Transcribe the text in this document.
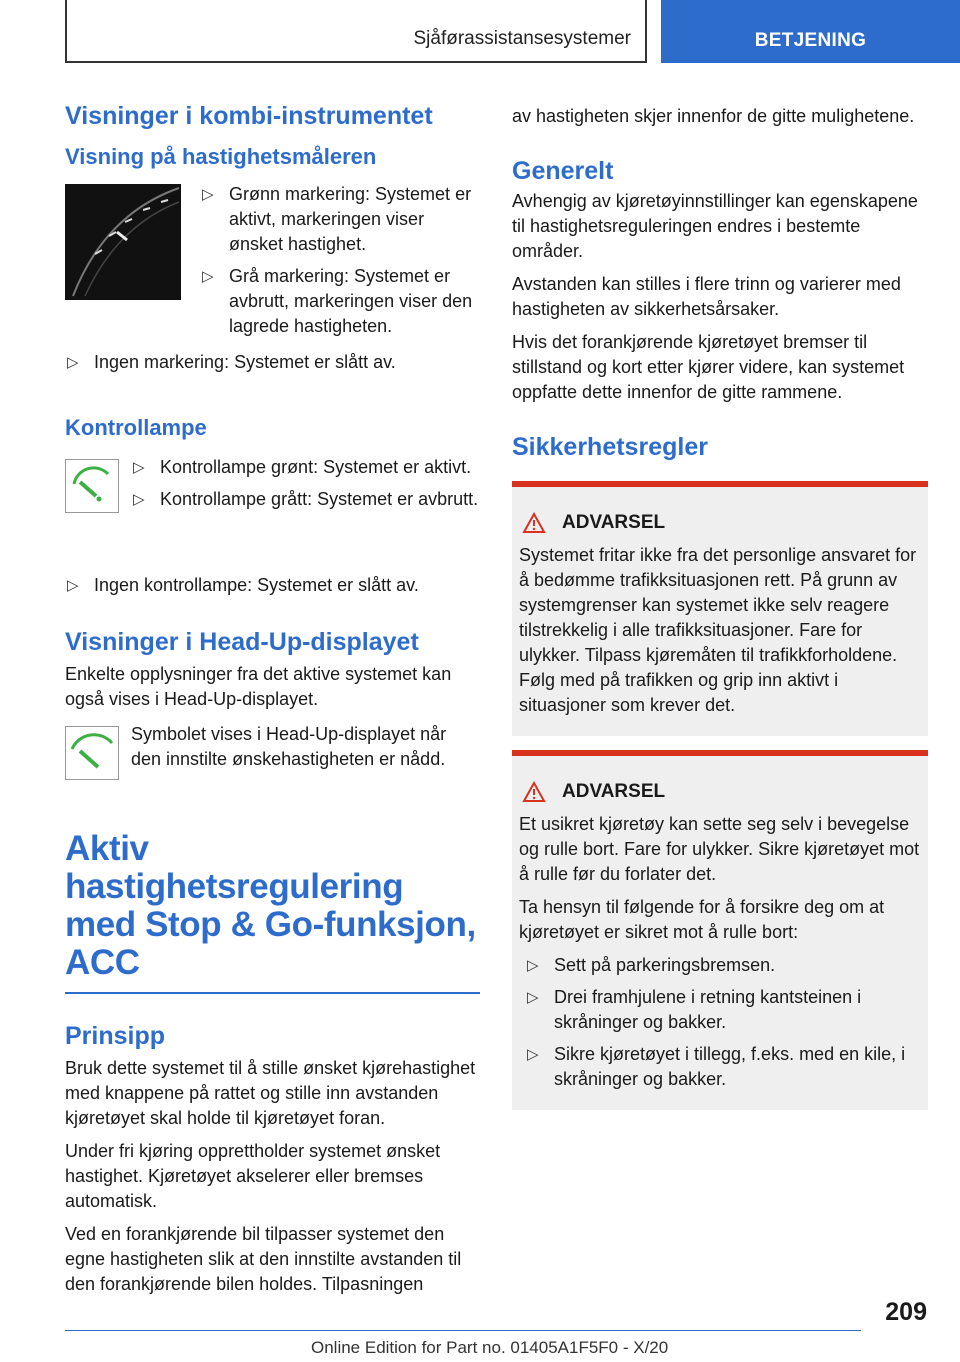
Sjåførassistansesystemer	BETJENING
Visninger i kombi-instrumentet
Visning på hastighetsmåleren
▷ Grønn markering: Systemet er aktivt, markeringen viser ønsket hastighet.
▷ Grå markering: Systemet er avbrutt, markeringen viser den lagrede hastigheten.
▷ Ingen markering: Systemet er slått av.
Kontrollampe
▷ Kontrollampe grønt: Systemet er aktivt.
▷ Kontrollampe grått: Systemet er avbrutt.
▷ Ingen kontrollampe: Systemet er slått av.
Visninger i Head-Up-displayet

Enkelte opplysninger fra det aktive systemet kan også vises i Head-Up-displayet.

Symbolet vises i Head-Up-displayet når den innstilte ønskehastigheten er nådd.

Aktiv hastighetsregulering med Stop & Go-funksjon, ACC
Prinsipp

Bruk dette systemet til å stille ønsket kjørehastighet med knappene på rattet og stille inn avstanden kjøretøyet skal holde til kjøretøyet foran.

Under fri kjøring opprettholder systemet ønsket hastighet. Kjøretøyet akselerer eller bremses automatisk.

Ved en forankjørende bil tilpasser systemet den egne hastigheten slik at den innstilte avstanden til den forankjørende bilen holdes. Tilpasningen

av hastigheten skjer innenfor de gitte mulighetene.

Generelt

Avhengig av kjøretøyinnstillinger kan egenskapene til hastighetsreguleringen endres i bestemte områder.

Avstanden kan stilles i flere trinn og varierer med hastigheten av sikkerhetsårsaker.

Hvis det forankjørende kjøretøyet bremser til stillstand og kort etter kjører videre, kan systemet oppfatte dette innenfor de gitte rammene.

Sikkerhetsregler
ADVARSEL

Systemet fritar ikke fra det personlige ansvaret for å bedømme trafikksituasjonen rett. På grunn av systemgrenser kan systemet ikke selv reagere tilstrekkelig i alle trafikksituasjoner. Fare for ulykker. Tilpass kjøremåten til trafikkforholdene. Følg med på trafikken og grip inn aktivt i situasjoner som krever det.

ADVARSEL

Et usikret kjøretøy kan sette seg selv i bevegelse og rulle bort. Fare for ulykker. Sikre kjøretøyet mot å rulle før du forlater det.

Ta hensyn til følgende for å forsikre deg om at kjøretøyet er sikret mot å rulle bort:

▷ Sett på parkeringsbremsen.
▷ Drei framhjulene i retning kantsteinen i skråninger og bakker.
▷ Sikre kjøretøyet i tillegg, f.eks. med en kile, i skråninger og bakker.
209
Online Edition for Part no. 01405A1F5F0 - X/20
